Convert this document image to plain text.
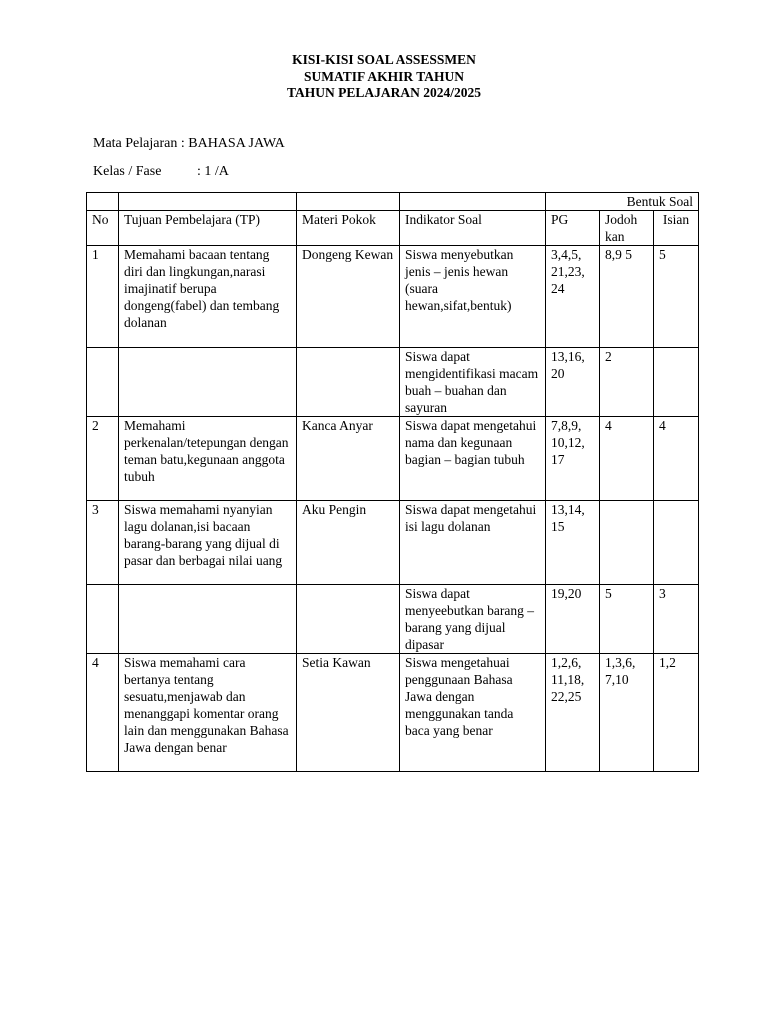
KISI-KISI SOAL ASSESSMEN
SUMATIF AKHIR TAHUN
TAHUN PELAJARAN 2024/2025
Mata Pelajaran : BAHASA JAWA
Kelas / Fase	: 1 /A
				Bentuk Soal		
No	Tujuan Pembelajara (TP)	Materi Pokok	Indikator Soal	PG	Jodoh kan	Isian
1	Memahami bacaan tentang diri dan lingkungan,narasi imajinatif berupa dongeng(fabel) dan tembang dolanan	Dongeng Kewan	Siswa menyebutkan jenis – jenis hewan (suara hewan,sifat,bentuk)	3,4,5, 21,23, 24	8,9 5	5
			Siswa dapat mengidentifikasi macam buah – buahan dan sayuran	13,16, 20	2	
2	Memahami perkenalan/tetepungan dengan teman batu,kegunaan anggota tubuh	Kanca Anyar	Siswa dapat mengetahui nama dan kegunaan bagian – bagian tubuh	7,8,9, 10,12, 17	4	4
3	Siswa memahami nyanyian lagu dolanan,isi bacaan barang-barang yang dijual di pasar dan berbagai nilai uang	Aku Pengin	Siswa dapat mengetahui isi lagu dolanan	13,14, 15		
			Siswa dapat menyeebutkan barang – barang yang dijual dipasar	19,20	5	3
4	Siswa memahami cara bertanya tentang sesuatu,menjawab dan menanggapi komentar orang lain dan menggunakan Bahasa Jawa dengan benar	Setia Kawan	Siswa mengetahuai penggunaan Bahasa Jawa dengan menggunakan tanda baca yang benar	1,2,6, 11,18, 22,25	1,3,6, 7,10	1,2
